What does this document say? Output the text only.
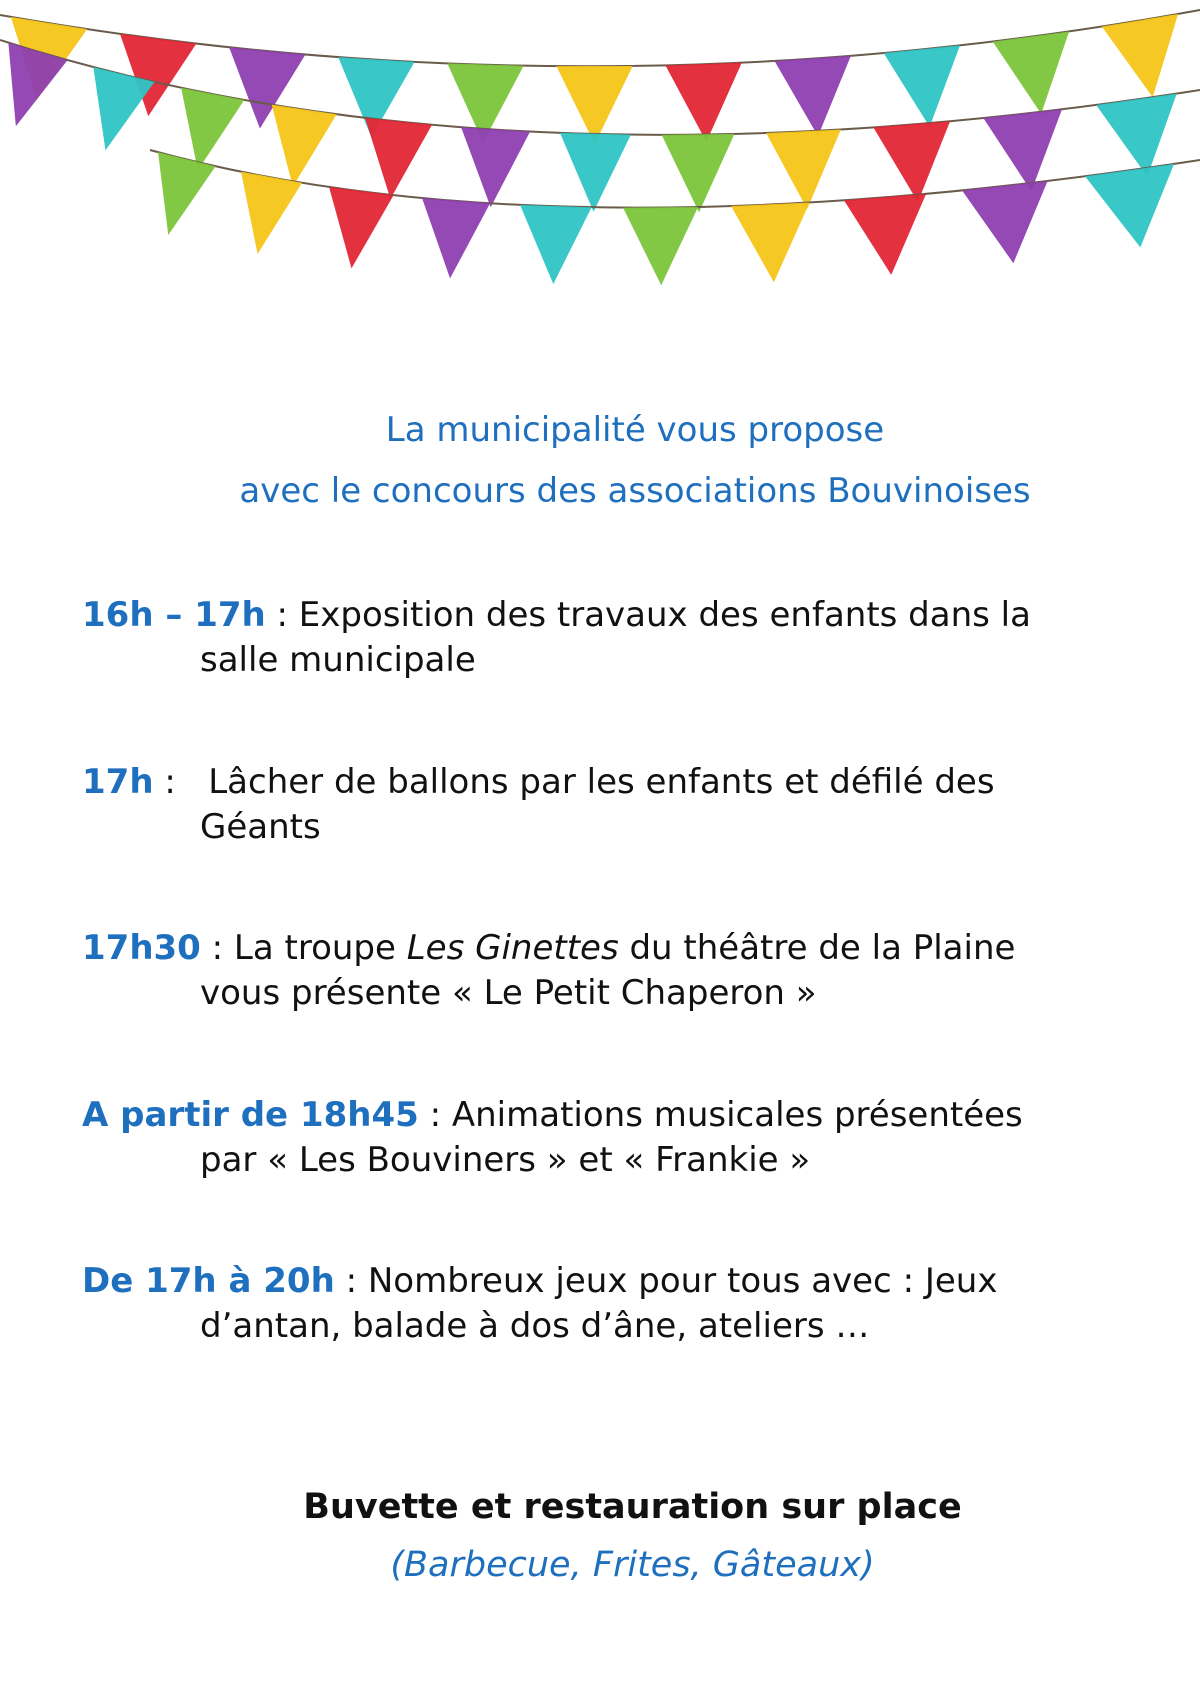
La municipalité vous propose
avec le concours des associations Bouvinoises
16h – 17h : Exposition des travaux des enfants dans la
salle municipale
17h :   Lâcher de ballons par les enfants et défilé des
Géants
17h30 : La troupe Les Ginettes du théâtre de la Plaine
vous présente « Le Petit Chaperon »
A partir de 18h45 : Animations musicales présentées
par « Les Bouviners » et « Frankie »
De 17h à 20h : Nombreux jeux pour tous avec : Jeux
d’antan, balade à dos d’âne, ateliers …
Buvette et restauration sur place
(Barbecue, Frites, Gâteaux)
